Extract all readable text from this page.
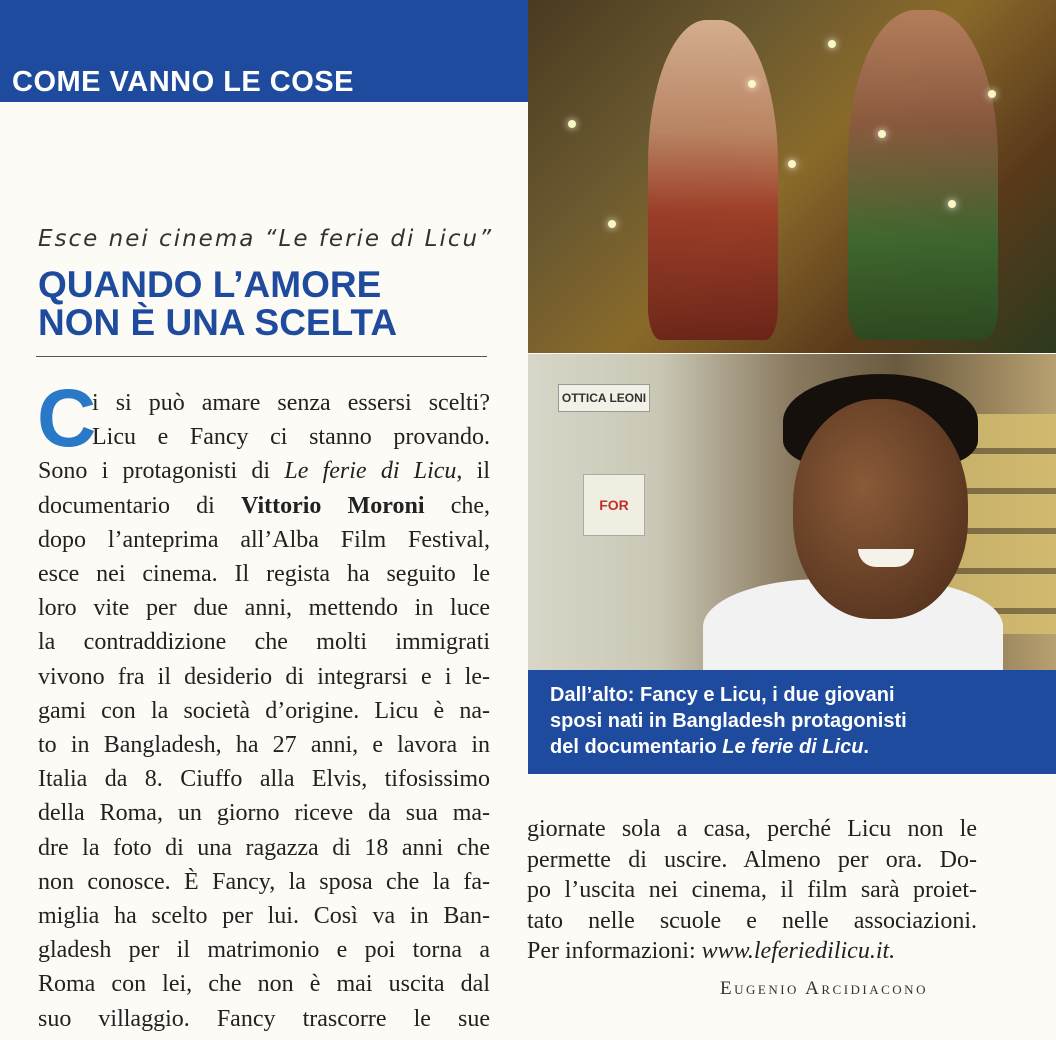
COME VANNO LE COSE
OTTICA LEONI
FOR
Dall’alto: Fancy e Licu, i due giovani
sposi nati in Bangladesh protagonisti
del documentario Le ferie di Licu.
Esce nei cinema “Le ferie di Licu”
QUANDO L’AMORE
NON È UNA SCELTA
C
i si può amare senza essersi scelti?
Licu e Fancy ci stanno provando.
Sono i protagonisti di Le ferie di Licu, il
documentario di Vittorio Moroni che,
dopo l’anteprima all’Alba Film Festival,
esce nei cinema. Il regista ha seguito le
loro vite per due anni, mettendo in luce
la contraddizione che molti immigrati
vivono fra il desiderio di integrarsi e i le-
gami con la società d’origine. Licu è na-
to in Bangladesh, ha 27 anni, e lavora in
Italia da 8. Ciuffo alla Elvis, tifosissimo
della Roma, un giorno riceve da sua ma-
dre la foto di una ragazza di 18 anni che
non conosce. È Fancy, la sposa che la fa-
miglia ha scelto per lui. Così va in Ban-
gladesh per il matrimonio e poi torna a
Roma con lei, che non è mai uscita dal
suo villaggio. Fancy trascorre le sue
giornate sola a casa, perché Licu non le
permette di uscire. Almeno per ora. Do-
po l’uscita nei cinema, il film sarà proiet-
tato nelle scuole e nelle associazioni.
Per informazioni: www.leferiedilicu.it.
Eugenio Arcidiacono
